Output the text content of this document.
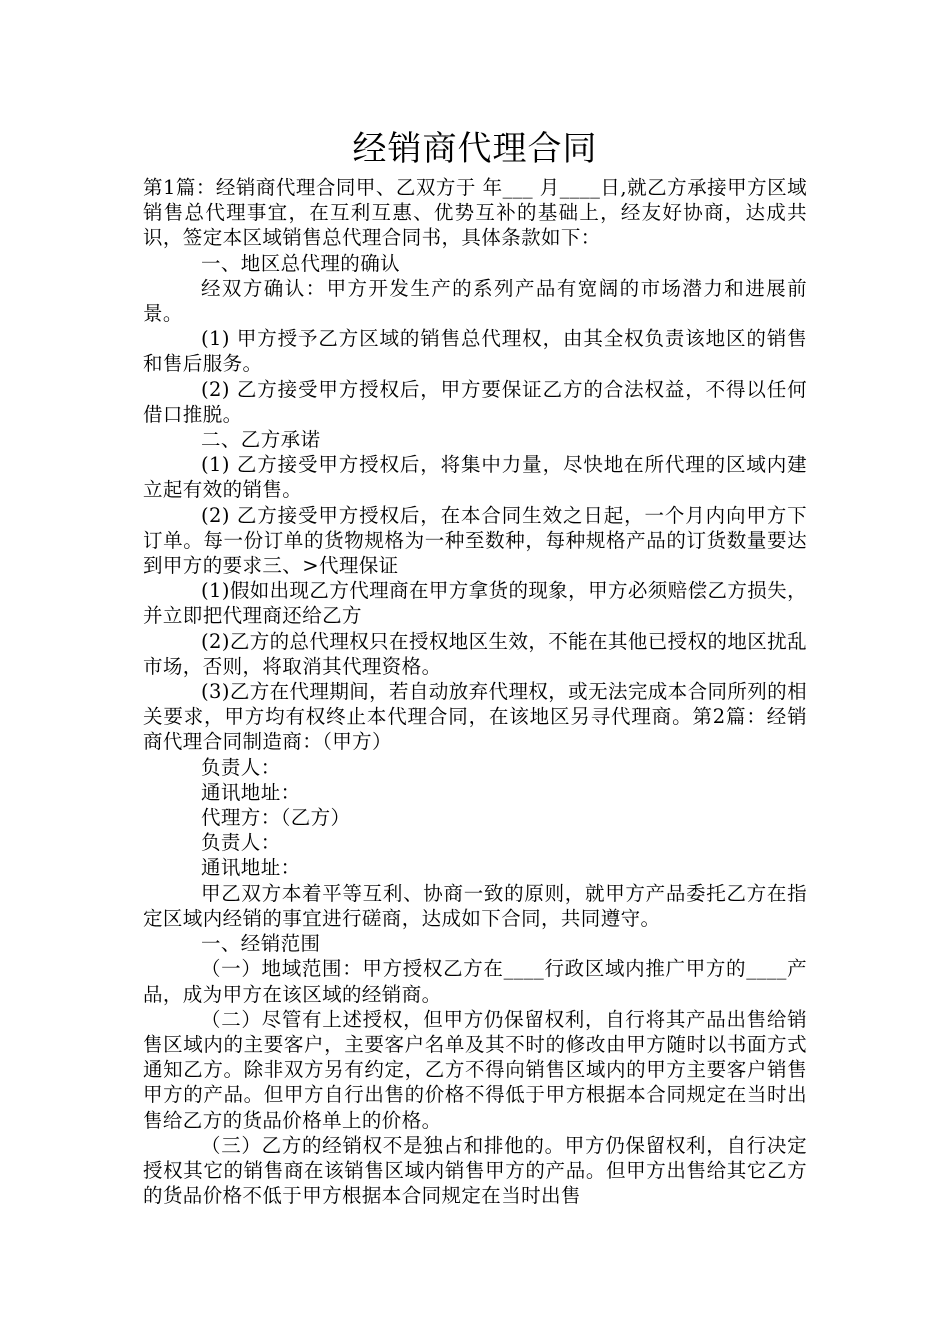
经销商代理合同

第1篇：经销商代理合同甲、乙双方于 年___ 月____日,就乙方承接甲方区域销售总代理事宜，在互利互惠、优势互补的基础上，经友好协商，达成共识，签定本区域销售总代理合同书，具体条款如下：

一、地区总代理的确认

经双方确认：甲方开发生产的系列产品有宽阔的市场潜力和进展前景。

(1) 甲方授予乙方区域的销售总代理权，由其全权负责该地区的销售和售后服务。

(2) 乙方接受甲方授权后，甲方要保证乙方的合法权益，不得以任何借口推脱。

二、乙方承诺

(1) 乙方接受甲方授权后，将集中力量，尽快地在所代理的区域内建立起有效的销售。

(2) 乙方接受甲方授权后，在本合同生效之日起，一个月内向甲方下订单。每一份订单的货物规格为一种至数种，每种规格产品的订货数量要达到甲方的要求三、>代理保证

(1)假如出现乙方代理商在甲方拿货的现象，甲方必须赔偿乙方损失，并立即把代理商还给乙方

(2)乙方的总代理权只在授权地区生效，不能在其他已授权的地区扰乱市场，否则，将取消其代理资格。

(3)乙方在代理期间，若自动放弃代理权，或无法完成本合同所列的相关要求，甲方均有权终止本代理合同，在该地区另寻代理商。第2篇：经销商代理合同制造商：（甲方）

负责人：

通讯地址：

代理方：（乙方）

负责人：

通讯地址：

甲乙双方本着平等互利、协商一致的原则，就甲方产品委托乙方在指定区域内经销的事宜进行磋商，达成如下合同，共同遵守。

一、经销范围

（一）地域范围：甲方授权乙方在____行政区域内推广甲方的____产品，成为甲方在该区域的经销商。

（二）尽管有上述授权，但甲方仍保留权利，自行将其产品出售给销售区域内的主要客户，主要客户名单及其不时的修改由甲方随时以书面方式通知乙方。除非双方另有约定，乙方不得向销售区域内的甲方主要客户销售甲方的产品。但甲方自行出售的价格不得低于甲方根据本合同规定在当时出售给乙方的货品价格单上的价格。

（三）乙方的经销权不是独占和排他的。甲方仍保留权利，自行决定授权其它的销售商在该销售区域内销售甲方的产品。但甲方出售给其它乙方的货品价格不低于甲方根据本合同规定在当时出售
